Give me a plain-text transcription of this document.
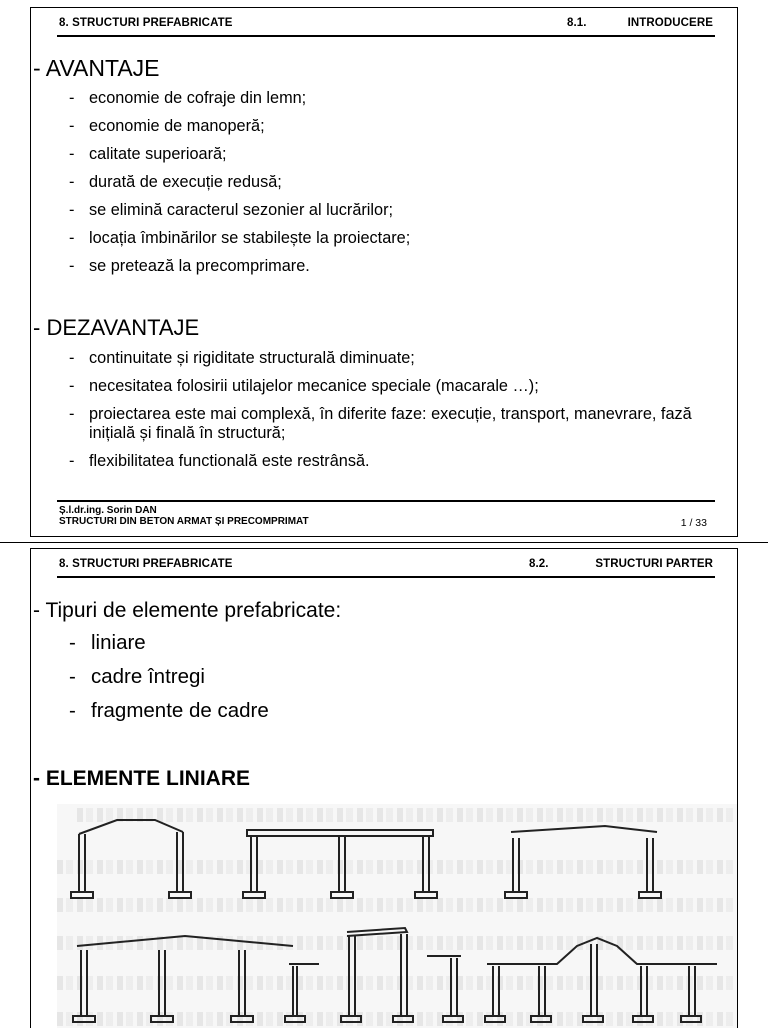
8. STRUCTURI PREFABRICATE	8.1.	INTRODUCERE
- AVANTAJE
- economie de cofraje din lemn;
- economie de manoperă;
- calitate superioară;
- durată de execuție redusă;
- se elimină caracterul sezonier al lucrărilor;
- locația îmbinărilor se stabilește la proiectare;
- se pretează la precomprimare.
- DEZAVANTAJE
- continuitate și rigiditate structurală diminuate;
- necesitatea folosirii utilajelor mecanice speciale (macarale …);
- proiectarea este mai complexă, în diferite faze: execuție, transport, manevrare, fază inițială și finală în structură;
- flexibilitatea functională este restrânsă.
Ș.l.dr.ing. Sorin DAN
STRUCTURI DIN BETON ARMAT ȘI PRECOMPRIMAT	1 / 33
8. STRUCTURI PREFABRICATE	8.2.	STRUCTURI PARTER
- Tipuri de elemente prefabricate:
- liniare
- cadre întregi
- fragmente de cadre
- ELEMENTE LINIARE
